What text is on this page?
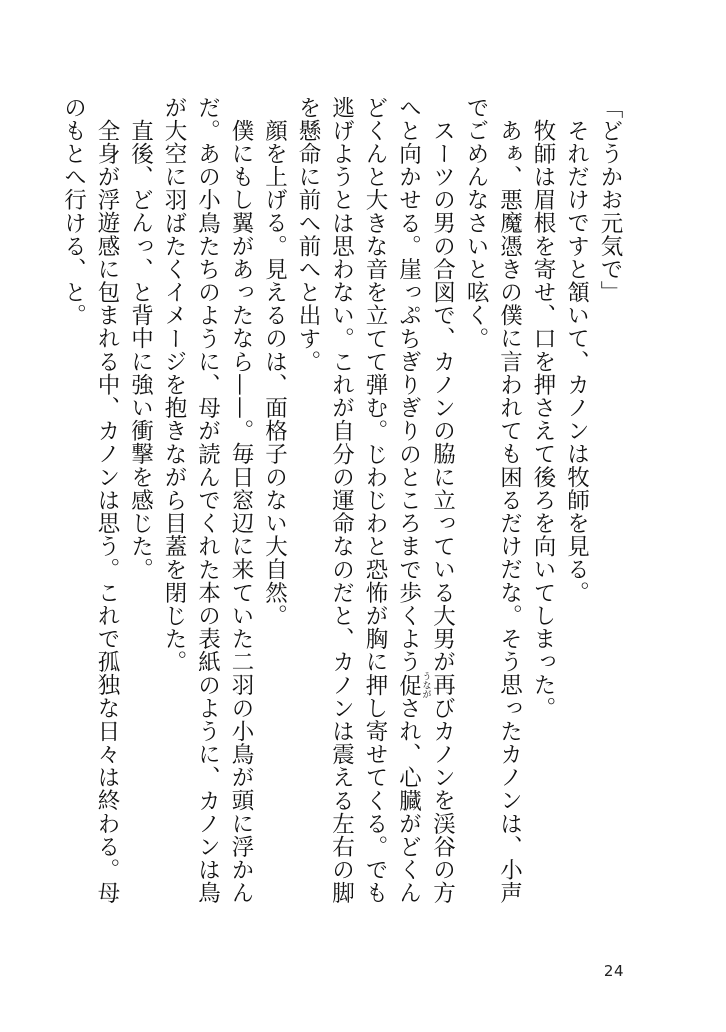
「どうかお元気で」

それだけですと頷いて、カノンは牧師を見る。

牧師は眉根を寄せ、口を押さえて後ろを向いてしまった。

あぁ、悪魔憑きの僕に言われても困るだけだな。そう思ったカノンは、小声でごめんなさいと呟く。

スーツの男の合図で、カノンの脇に立っている大男が再びカノンを渓谷の方へと向かせる。崖っぷちぎりぎりのところまで歩くよう促 うながされ、心臓がどくんどくんと大きな音を立てて弾む。じわじわと恐怖が胸に押し寄せてくる。でも逃げようとは思わない。これが自分の運命なのだと、カノンは震える左右の脚を懸命に前へ前へと出す。

顔を上げる。見えるのは、面格子のない大自然。

僕にもし翼があったなら——。毎日窓辺に来ていた二羽の小鳥が頭に浮かんだ。あの小鳥たちのように、母が読んでくれた本の表紙のように、カノンは鳥が大空に羽ばたくイメージを抱きながら目蓋を閉じた。

直後、どんっ、と背中に強い衝撃を感じた。

全身が浮遊感に包まれる中、カノンは思う。これで孤独な日々は終わる。母のもとへ行ける、と。

24
